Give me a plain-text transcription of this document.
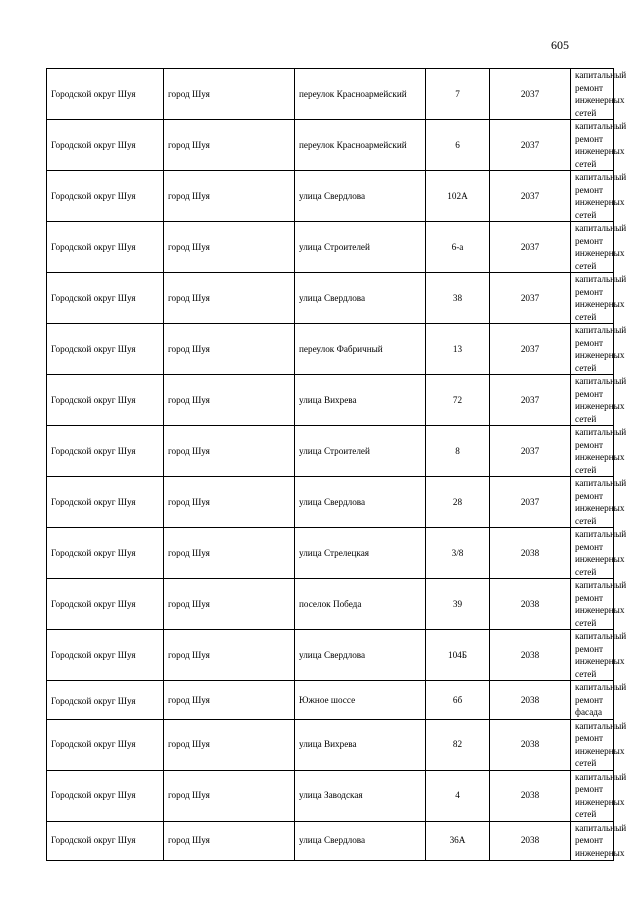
605
Городской округ Шуя	город Шуя	переулок Красноармейский	7	2037	капитальный ремонт инженерных сетей
Городской округ Шуя	город Шуя	переулок Красноармейский	6	2037	капитальный ремонт инженерных сетей
Городской округ Шуя	город Шуя	улица Свердлова	102А	2037	капитальный ремонт инженерных сетей
Городской округ Шуя	город Шуя	улица Строителей	6-а	2037	капитальный ремонт инженерных сетей
Городской округ Шуя	город Шуя	улица Свердлова	38	2037	капитальный ремонт инженерных сетей
Городской округ Шуя	город Шуя	переулок Фабричный	13	2037	капитальный ремонт инженерных сетей
Городской округ Шуя	город Шуя	улица Вихрева	72	2037	капитальный ремонт инженерных сетей
Городской округ Шуя	город Шуя	улица Строителей	8	2037	капитальный ремонт инженерных сетей
Городской округ Шуя	город Шуя	улица Свердлова	28	2037	капитальный ремонт инженерных сетей
Городской округ Шуя	город Шуя	улица Стрелецкая	3/8	2038	капитальный ремонт инженерных сетей
Городской округ Шуя	город Шуя	поселок Победа	39	2038	капитальный ремонт инженерных сетей
Городской округ Шуя	город Шуя	улица Свердлова	104Б	2038	капитальный ремонт инженерных сетей
Городской округ Шуя	город Шуя	Южное шоссе	6б	2038	капитальный ремонт фасада
Городской округ Шуя	город Шуя	улица Вихрева	82	2038	капитальный ремонт инженерных сетей
Городской округ Шуя	город Шуя	улица Заводская	4	2038	капитальный ремонт инженерных сетей
Городской округ Шуя	город Шуя	улица Свердлова	36А	2038	капитальный ремонт инженерных
